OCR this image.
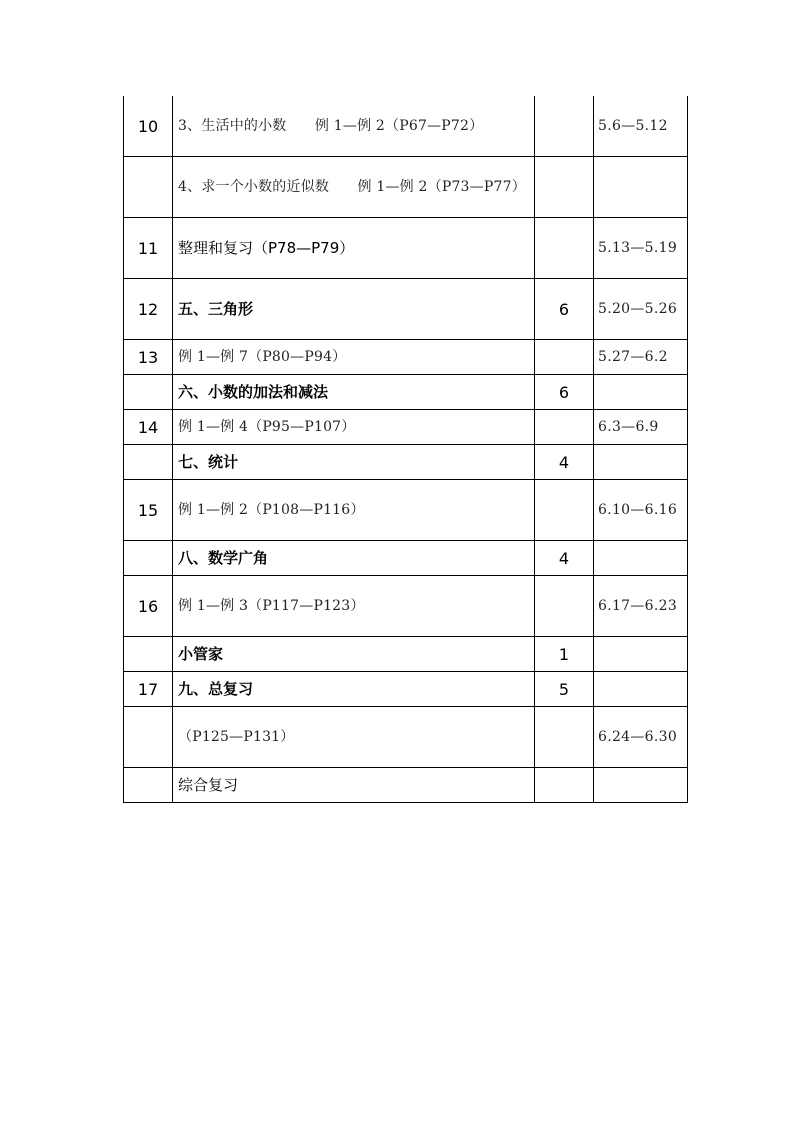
10	3、生活中的小数　　例 1—例 2（P67—P72）		5.6—5.12

	4、求一个小数的近似数　　例 1—例 2（P73—P77）		

11	整理和复习（P78—P79）		5.13—5.19

12	五、三角形	6	5.20—5.26

13	例 1—例 7（P80—P94）		5.27—6.2

	六、小数的加法和减法	6	

14	例 1—例 4（P95—P107）		6.3—6.9

	七、统计	4	

15	例 1—例 2（P108—P116）		6.10—6.16

	八、数学广角	4	

16	例 1—例 3（P117—P123）		6.17—6.23

	小管家	1	

17	九、总复习	5	

	（P125—P131）		6.24—6.30

	综合复习		
